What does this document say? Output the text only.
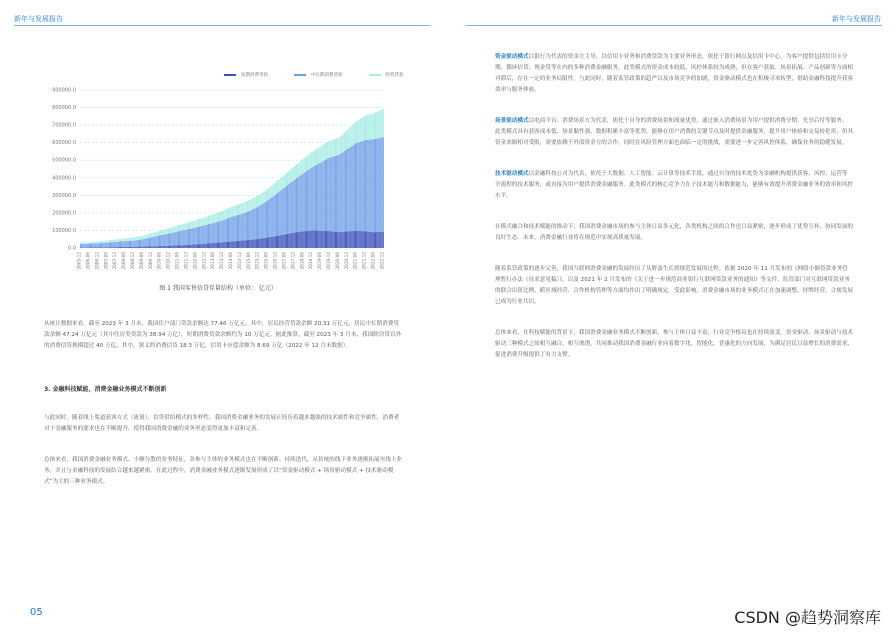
新年与发展报告	新年与发展报告
短期消费贷款	中长期消费贷款	经营贷款
0.0
100000.0
200000.0
300000.0
400000.0
500000.0
600000.0
700000.0
800000.0
900000.0
2005-12 2006-06 2006-12 2007-06 2007-12 2008-06 2008-12 2009-06 2009-12 2010-06 2010-12 2011-06 2011-12 2012-06 2012-12 2013-06 2013-12 2014-06 2014-12 2015-06 2015-12 2016-06 2016-12 2017-06 2017-12 2018-06 2018-12 2019-06 2019-12 2020-06 2020-12 2021-06 2021-12 2022-06 2022-12
图 1 我国零售信贷存量结构（单位： 亿元）

从统计数据来看，截至 2023 年 3 月末，我国住户部门贷款余额达 77.46 万亿元。其中，居民经营贷款余额 20.31 万亿元，居民中长期消费贷款余额 47.24 万亿元（其中住房类贷款为 38.94 万亿），短期消费贷款余额约为 10 万亿元。据此推算，截至 2023 年 3 月末，我国除房贷以外的消费信贷规模超过 40 万亿。其中，狭义的消费信贷 18.3 万亿，信用卡应偿余额为 8.69 万亿（2022 年 12 月末数据）。

3. 金融科技赋能，消费金融业务模式不断创新

与此同时，随着线上渠道获客方式（流量）、信贷供给模式的多样性，我国消费金融业务的发展正经历着越来越强的技术属性和竞争属性，消费者对于金融服务的要求也在不断提升，使得我国消费金融的业务形态变得更加丰富和完善。

总体来看，我国消费金融业务模式、小额分散的业务特征，各参与主体的业务模式也在不断创新、持续迭代，从传统的线下业务逐渐拓展至线上业务，并且与金融科技的发展结合越来越紧密。在此过程中，消费金融业务模式逐渐发展形成了以“资金驱动模式 + 场景驱动模式 + 技术驱动模式”为主的三种业务模式。

资金驱动模式以银行为代表的资金方主导，以信用卡业务和消费贷款为主要业务形态，依托于银行网点及信用卡中心，为客户提供包括信用卡分期、循环信贷、现金贷等在内的多种消费金融服务。此类模式的资金成本较低，风控体系较为成熟，但在客户获取、场景拓展、产品创新等方面相对滞后，存在一定的业务局限性。与此同时，随着监管政策的趋严以及市场竞争的加剧，资金驱动模式也在积极寻求转型，借助金融科技提升获客效率与服务体验。

场景驱动模式以电商平台、消费场景方为代表，依托于自身的消费场景和流量优势，通过嵌入消费场景为用户提供消费分期、先享后付等服务。此类模式具有获客成本低、场景黏性强、数据积累丰富等优势，能够在用户消费的关键节点及时提供金融服务，提升用户体验和交易转化率。但其资金来源相对受限，需要依赖于外部资金方的合作，同时在风险管理方面也面临一定的挑战，需要进一步完善风控体系，确保业务的稳健发展。

技术驱动模式以金融科技公司为代表，依托于大数据、人工智能、云计算等技术手段，通过自身的技术优势为金融机构提供获客、风控、运营等全流程的技术服务，或直接为用户提供消费金融服务。此类模式的核心竞争力在于技术能力和数据能力，能够有效提升消费金融业务的效率和风控水平。

在模式融合和技术赋能的推动下，我国消费金融市场的参与主体日益多元化，各类机构之间的合作也日益紧密，逐步形成了优势互补、协同发展的良好生态。未来，消费金融行业将在规范中实现高质量发展。

随着监管政策的逐步完善，我国互联网消费金融的发展经历了从野蛮生长到规范发展的过程。依据 2020 年 11 月发布的《网络小额贷款业务管理暂行办法（征求意见稿）》，以及 2021 年 2 月发布的《关于进一步规范商业银行互联网贷款业务的通知》等文件，监管部门对互联网贷款业务的联合出资比例、跨区域经营、合作机构管理等方面均作出了明确规定。受此影响，消费金融市场的业务模式正在加速调整，持牌经营、合规发展已成为行业共识。

总体来看，在科技赋能的背景下，我国消费金融业务模式不断创新，参与主体日益丰富，行业竞争格局也在持续演变。资金驱动、场景驱动与技术驱动三种模式之间相互融合、相互渗透，共同推动我国消费金融行业向着数字化、智能化、普惠化的方向发展，为满足居民日益增长的消费需求、促进消费升级提供了有力支撑。

05	CSDN @趋势洞察库
